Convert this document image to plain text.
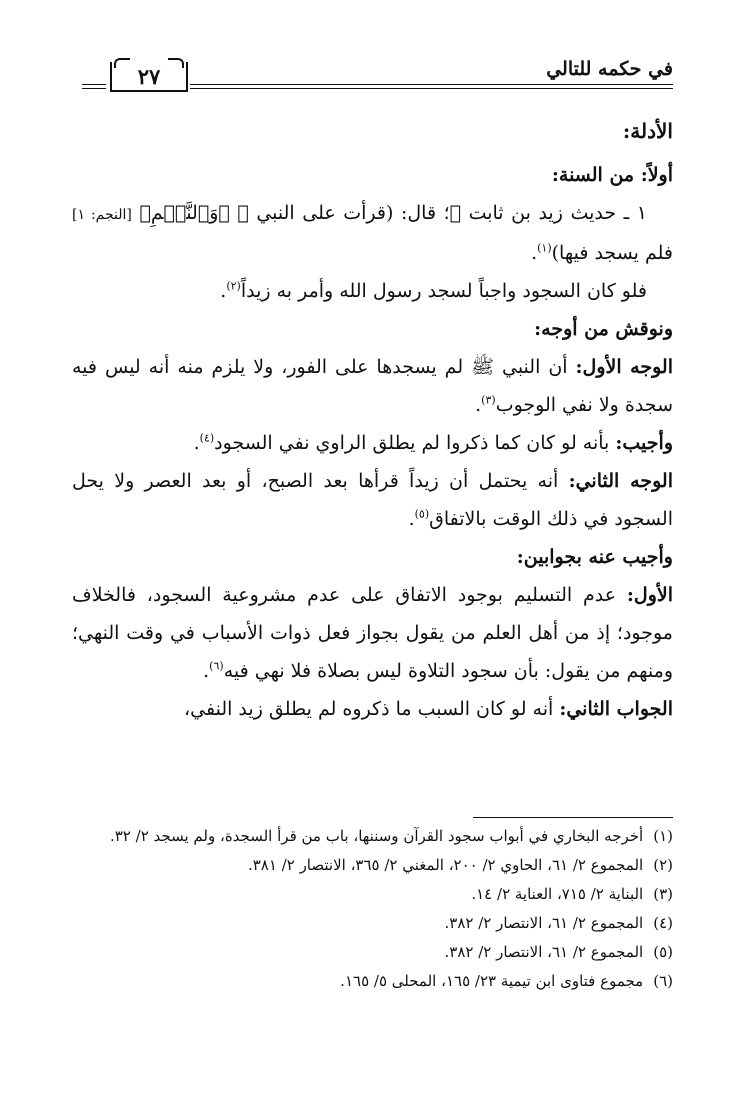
في حكمه للتالي
٢٧

الأدلة:

أولاً: من السنة:

١ ـ حديث زيد بن ثابت ﵁؛ قال: (قرأت على النبي ﷺ ﴿وَٱلنَّجۡمِ﴾ [النجم: ١] فلم يسجد فيها)$^{(١)}$.

فلو كان السجود واجباً لسجد رسول الله وأمر به زيداً$^{(٢)}$.

ونوقش من أوجه:

الوجه الأول: أن النبي ﷺ لم يسجدها على الفور، ولا يلزم منه أنه ليس فيه سجدة ولا نفي الوجوب$^{(٣)}$.

وأجيب: بأنه لو كان كما ذكروا لم يطلق الراوي نفي السجود$^{(٤)}$.

الوجه الثاني: أنه يحتمل أن زيداً قرأها بعد الصبح، أو بعد العصر ولا يحل السجود في ذلك الوقت بالاتفاق$^{(٥)}$.

وأجيب عنه بجوابين:

الأول: عدم التسليم بوجود الاتفاق على عدم مشروعية السجود، فالخلاف موجود؛ إذ من أهل العلم من يقول بجواز فعل ذوات الأسباب في وقت النهي؛ ومنهم من يقول: بأن سجود التلاوة ليس بصلاة فلا نهي فيه$^{(٦)}$.

الجواب الثاني: أنه لو كان السبب ما ذكروه لم يطلق زيد النفي،

(١)
أخرجه البخاري في أبواب سجود القرآن وسننها، باب من قرأ السجدة، ولم يسجد ٢/ ٣٢.
(٢)
المجموع ٢/ ٦١، الحاوي ٢/ ٢٠٠، المغني ٢/ ٣٦٥، الانتصار ٢/ ٣٨١.
(٣)
البناية ٢/ ٧١٥، العناية ٢/ ١٤.
(٤)
المجموع ٢/ ٦١، الانتصار ٢/ ٣٨٢.
(٥)
المجموع ٢/ ٦١، الانتصار ٢/ ٣٨٢.
(٦)
مجموع فتاوى ابن تيمية ٢٣/ ١٦٥، المحلى ٥/ ١٦٥.
